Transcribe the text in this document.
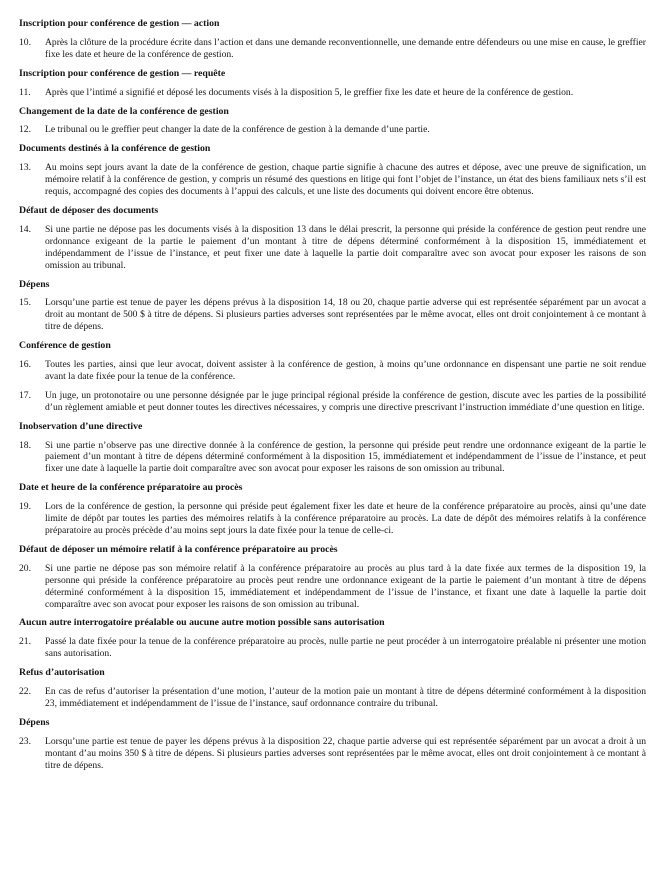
Inscription pour conférence de gestion — action
10.	Après la clôture de la procédure écrite dans l’action et dans une demande reconventionnelle, une demande entre défendeurs ou une mise en cause, le greffier fixe les date et heure de la conférence de gestion.
Inscription pour conférence de gestion — requête
11.	Après que l’intimé a signifié et déposé les documents visés à la disposition 5, le greffier fixe les date et heure de la conférence de gestion.
Changement de la date de la conférence de gestion
12.	Le tribunal ou le greffier peut changer la date de la conférence de gestion à la demande d’une partie.
Documents destinés à la conférence de gestion
13.	Au moins sept jours avant la date de la conférence de gestion, chaque partie signifie à chacune des autres et dépose, avec une preuve de signification, un mémoire relatif à la conférence de gestion, y compris un résumé des questions en litige qui font l’objet de l’instance, un état des biens familiaux nets s’il est requis, accompagné des copies des documents à l’appui des calculs, et une liste des documents qui doivent encore être obtenus.
Défaut de déposer des documents
14.	Si une partie ne dépose pas les documents visés à la disposition 13 dans le délai prescrit, la personne qui préside la conférence de gestion peut rendre une ordonnance exigeant de la partie le paiement d’un montant à titre de dépens déterminé conformément à la disposition 15, immédiatement et indépendamment de l’issue de l’instance, et peut fixer une date à laquelle la partie doit comparaître avec son avocat pour exposer les raisons de son omission au tribunal.
Dépens
15.	Lorsqu’une partie est tenue de payer les dépens prévus à la disposition 14, 18 ou 20, chaque partie adverse qui est représentée séparément par un avocat a droit au montant de 500 $ à titre de dépens. Si plusieurs parties adverses sont représentées par le même avocat, elles ont droit conjointement à ce montant à titre de dépens.
Conférence de gestion
16.	Toutes les parties, ainsi que leur avocat, doivent assister à la conférence de gestion, à moins qu’une ordonnance en dispensant une partie ne soit rendue avant la date fixée pour la tenue de la conférence.
17.	Un juge, un protonotaire ou une personne désignée par le juge principal régional préside la conférence de gestion, discute avec les parties de la possibilité d’un règlement amiable et peut donner toutes les directives nécessaires, y compris une directive prescrivant l’instruction immédiate d’une question en litige.
Inobservation d’une directive
18.	Si une partie n’observe pas une directive donnée à la conférence de gestion, la personne qui préside peut rendre une ordonnance exigeant de la partie le paiement d’un montant à titre de dépens déterminé conformément à la disposition 15, immédiatement et indépendamment de l’issue de l’instance, et peut fixer une date à laquelle la partie doit comparaître avec son avocat pour exposer les raisons de son omission au tribunal.
Date et heure de la conférence préparatoire au procès
19.	Lors de la conférence de gestion, la personne qui préside peut également fixer les date et heure de la conférence préparatoire au procès, ainsi qu’une date limite de dépôt par toutes les parties des mémoires relatifs à la conférence préparatoire au procès. La date de dépôt des mémoires relatifs à la conférence préparatoire au procès précède d’au moins sept jours la date fixée pour la tenue de celle-ci.
Défaut de déposer un mémoire relatif à la conférence préparatoire au procès
20.	Si une partie ne dépose pas son mémoire relatif à la conférence préparatoire au procès au plus tard à la date fixée aux termes de la disposition 19, la personne qui préside la conférence préparatoire au procès peut rendre une ordonnance exigeant de la partie le paiement d’un montant à titre de dépens déterminé conformément à la disposition 15, immédiatement et indépendamment de l’issue de l’instance, et fixant une date à laquelle la partie doit comparaître avec son avocat pour exposer les raisons de son omission au tribunal.
Aucun autre interrogatoire préalable ou aucune autre motion possible sans autorisation
21.	Passé la date fixée pour la tenue de la conférence préparatoire au procès, nulle partie ne peut procéder à un interrogatoire préalable ni présenter une motion sans autorisation.
Refus d’autorisation
22.	En cas de refus d’autoriser la présentation d’une motion, l’auteur de la motion paie un montant à titre de dépens déterminé conformément à la disposition 23, immédiatement et indépendamment de l’issue de l’instance, sauf ordonnance contraire du tribunal.
Dépens
23.	Lorsqu’une partie est tenue de payer les dépens prévus à la disposition 22, chaque partie adverse qui est représentée séparément par un avocat a droit à un montant d’au moins 350 $ à titre de dépens. Si plusieurs parties adverses sont représentées par le même avocat, elles ont droit conjointement à ce montant à titre de dépens.
